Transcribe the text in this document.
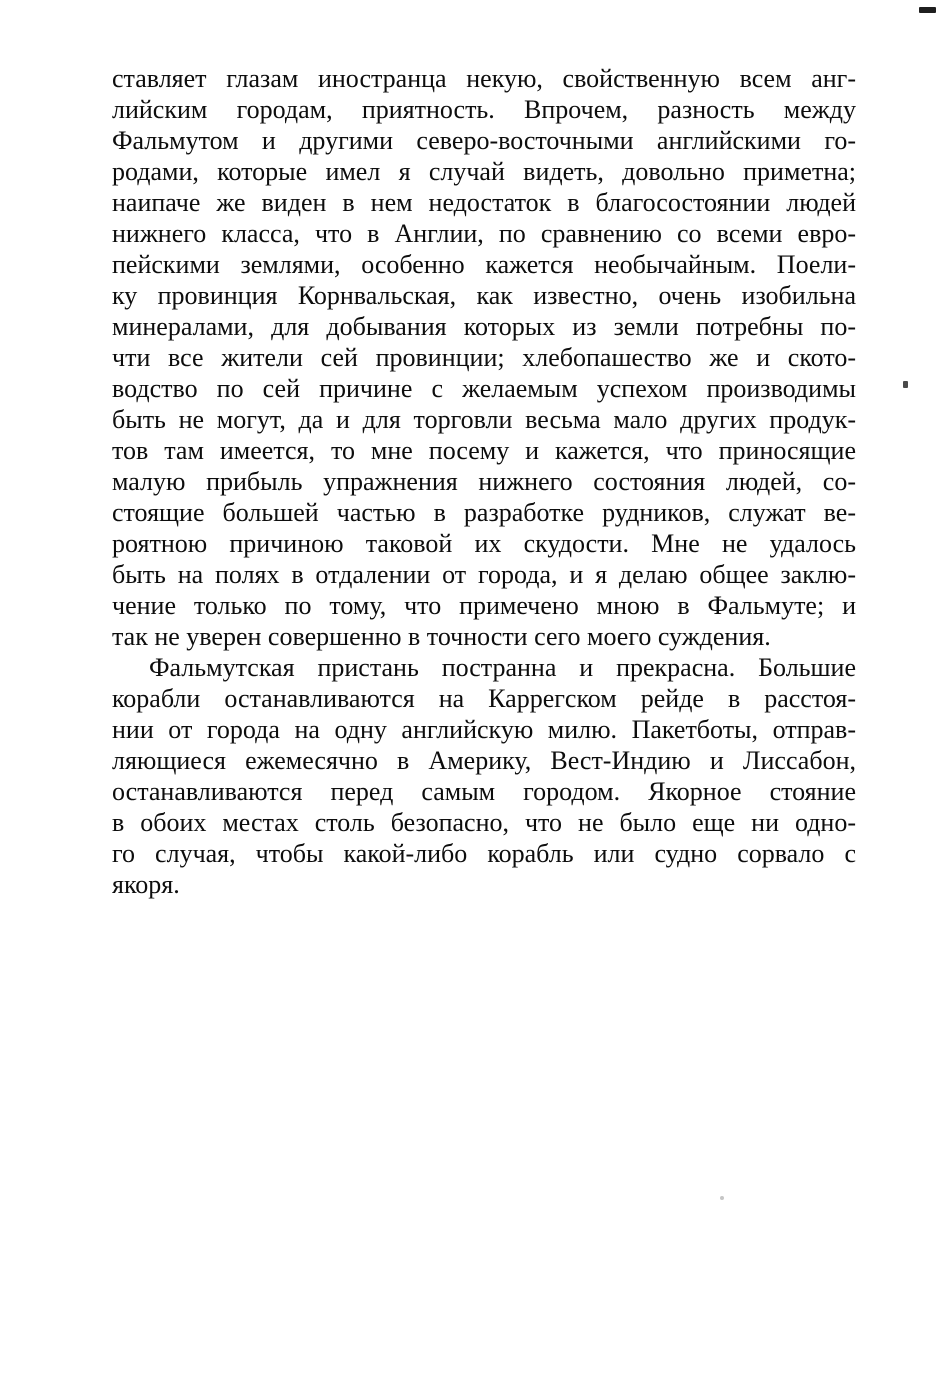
ставляет глазам иностранца некую, свойственную всем анг-
лийским городам, приятность. Впрочем, разность между
Фальмутом и другими северо-восточными английскими го-
родами, которые имел я случай видеть, довольно приметна;
наипаче же виден в нем недостаток в благосостоянии людей
нижнего класса, что в Англии, по сравнению со всеми евро-
пейскими землями, особенно кажется необычайным. Поели-
ку провинция Корнвальская, как известно, очень изобильна
минералами, для добывания которых из земли потребны по-
чти все жители сей провинции; хлебопашество же и ското-
водство по сей причине с желаемым успехом производимы
быть не могут, да и для торговли весьма мало других продук-
тов там имеется, то мне посему и кажется, что приносящие
малую прибыль упражнения нижнего состояния людей, со-
стоящие большей частью в разработке рудников, служат ве-
роятною причиною таковой их скудости. Мне не удалось
быть на полях в отдалении от города, и я делаю общее заклю-
чение только по тому, что примечено мною в Фальмуте; и
так не уверен совершенно в точности сего моего суждения.
Фальмутская пристань постранна и прекрасна. Большие
корабли останавливаются на Каррегском рейде в расстоя-
нии от города на одну английскую милю. Пакетботы, отправ-
ляющиеся ежемесячно в Америку, Вест-Индию и Лиссабон,
останавливаются перед самым городом. Якорное стояние
в обоих местах столь безопасно, что не было еще ни одно-
го случая, чтобы какой-либо корабль или судно сорвало с
якоря.
